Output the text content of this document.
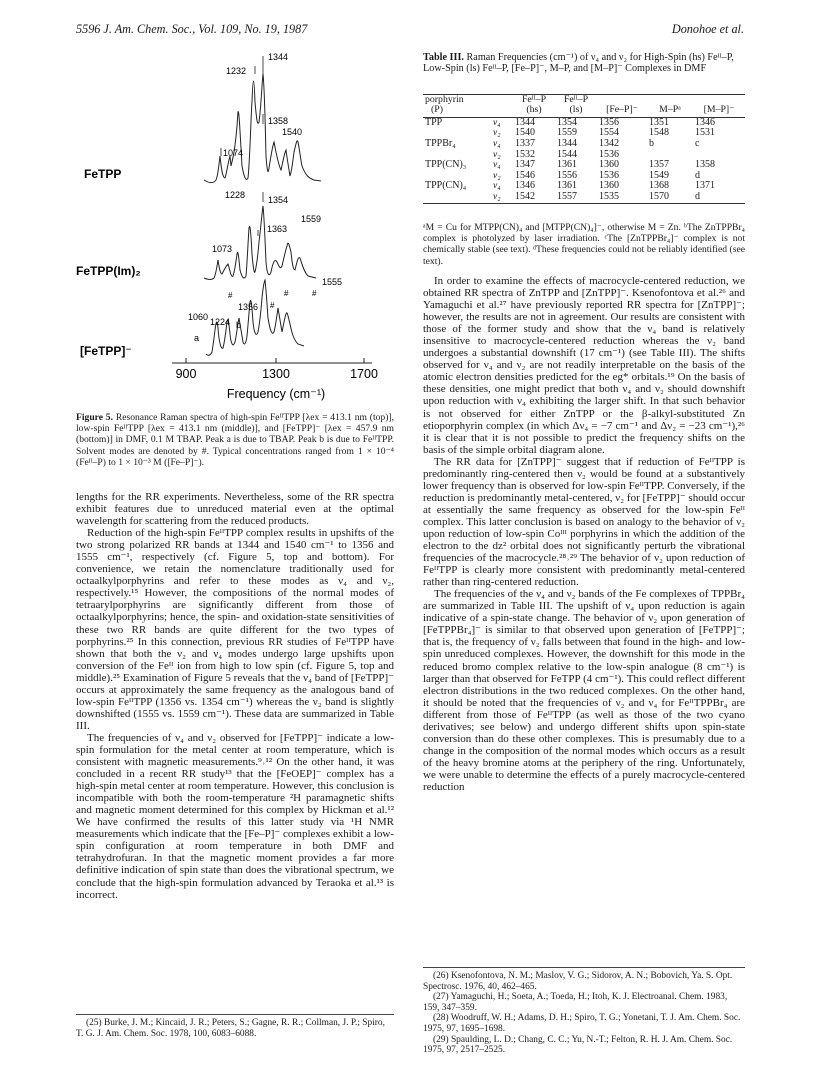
5596 J. Am. Chem. Soc., Vol. 109, No. 19, 1987	Donohoe et al.
FeTPP
FeTPP(Im)₂
[FeTPP]⁻
1232
1344
1358
1540
1074
1228	1354
1559
1363
1073
1555
#
1356
#	#
#
1060 1224 b
a
900	1300	1700
Frequency (cm⁻¹)
Figure 5. Resonance Raman spectra of high-spin FeᴵᴵTPP [λex = 413.1 nm (top)], low-spin FeᴵᴵTPP [λex = 413.1 nm (middle)], and [FeTPP]⁻ [λex = 457.9 nm (bottom)] in DMF, 0.1 M TBAP. Peak a is due to TBAP. Peak b is due to FeᴵᴵTPP. Solvent modes are denoted by #. Typical concentrations ranged from 1 × 10⁻⁴ (Feᴵᴵ–P) to 1 × 10⁻³ M ([Fe–P]⁻).

lengths for the RR experiments. Nevertheless, some of the RR spectra exhibit features due to unreduced material even at the optimal wavelength for scattering from the reduced products.

Reduction of the high-spin FeᴵᴵTPP complex results in upshifts of the two strong polarized RR bands at 1344 and 1540 cm⁻¹ to 1356 and 1555 cm⁻¹, respectively (cf. Figure 5, top and bottom). For convenience, we retain the nomenclature traditionally used for octaalkylporphyrins and refer to these modes as ν₄ and ν₂, respectively.¹⁵ However, the compositions of the normal modes of tetraarylporphyrins are significantly different from those of octaalkylporphyrins; hence, the spin- and oxidation-state sensitivities of these two RR bands are quite different for the two types of porphyrins.²⁵ In this connection, previous RR studies of FeᴵᴵTPP have shown that both the ν₂ and ν₄ modes undergo large upshifts upon conversion of the Feᴵᴵ ion from high to low spin (cf. Figure 5, top and middle).²⁵ Examination of Figure 5 reveals that the ν₄ band of [FeTPP]⁻ occurs at approximately the same frequency as the analogous band of low-spin FeᴵᴵTPP (1356 vs. 1354 cm⁻¹) whereas the ν₂ band is slightly downshifted (1555 vs. 1559 cm⁻¹). These data are summarized in Table III.

The frequencies of ν₄ and ν₂ observed for [FeTPP]⁻ indicate a low-spin formulation for the metal center at room temperature, which is consistent with magnetic measurements.⁹˒¹² On the other hand, it was concluded in a recent RR study¹³ that the [FeOEP]⁻ complex has a high-spin metal center at room temperature. However, this conclusion is incompatible with both the room-temperature ²H paramagnetic shifts and magnetic moment determined for this complex by Hickman et al.¹² We have confirmed the results of this latter study via ¹H NMR measurements which indicate that the [Fe–P]⁻ complexes exhibit a low-spin configuration at room temperature in both DMF and tetrahydrofuran. In that the magnetic moment provides a far more definitive indication of spin state than does the vibrational spectrum, we conclude that the high-spin formulation advanced by Teraoka et al.¹³ is incorrect.

(25) Burke, J. M.; Kincaid, J. R.; Peters, S.; Gagne, R. R.; Collman, J. P.; Spiro, T. G. J. Am. Chem. Soc. 1978, 100, 6083–6088.
Table III. Raman Frequencies (cm⁻¹) of ν₄ and ν₂ for High-Spin (hs) Feᴵᴵ–P, Low-Spin (ls) Feᴵᴵ–P, [Fe–P]⁻, M–P, and [M–P]⁻ Complexes in DMF
porphyrin		Feᴵᴵ–P	Feᴵᴵ–P			
(P)		(hs)	(ls)	[Fe–P]⁻	M–Pᵃ	[M–P]⁻
TPP	ν₄	1344	1354	1356	1351	1346
	ν₂	1540	1559	1554	1548	1531
TPPBr₄	ν₄	1337	1344	1342	b	c
	ν₂	1532	1544	1536		
TPP(CN)₃	ν₄	1347	1361	1360	1357	1358
	ν₂	1546	1556	1536	1549	d
TPP(CN)₄	ν₄	1346	1361	1360	1368	1371
	ν₂	1542	1557	1535	1570	d
ᵃM = Cu for MTPP(CN)₄ and [MTPP(CN)₄]⁻, otherwise M = Zn. ᵇThe ZnTPPBr₄ complex is photolyzed by laser irradiation. ᶜThe [ZnTPPBr₄]⁻ complex is not chemically stable (see text). ᵈThese frequencies could not be reliably identified (see text).

In order to examine the effects of macrocycle-centered reduction, we obtained RR spectra of ZnTPP and [ZnTPP]⁻. Ksenofontova et al.²⁶ and Yamaguchi et al.²⁷ have previously reported RR spectra for [ZnTPP]⁻; however, the results are not in agreement. Our results are consistent with those of the former study and show that the ν₄ band is relatively insensitive to macrocycle-centered reduction whereas the ν₂ band undergoes a substantial downshift (17 cm⁻¹) (see Table III). The shifts observed for ν₄ and ν₂ are not readily interpretable on the basis of the atomic electron densities predicted for the eg* orbitals.¹⁹ On the basis of these densities, one might predict that both ν₄ and ν₂ should downshift upon reduction with ν₄ exhibiting the larger shift. In that such behavior is not observed for either ZnTPP or the β-alkyl-substituted Zn etioporphyrin complex (in which Δν₄ = −7 cm⁻¹ and Δν₂ = −23 cm⁻¹),²⁶ it is clear that it is not possible to predict the frequency shifts on the basis of the simple orbital diagram alone.

The RR data for [ZnTPP]⁻ suggest that if reduction of FeᴵᴵTPP is predominantly ring-centered then ν₂ would be found at a substantively lower frequency than is observed for low-spin FeᴵᴵTPP. Conversely, if the reduction is predominantly metal-centered, ν₂ for [FeTPP]⁻ should occur at essentially the same frequency as observed for the low-spin Feᴵᴵ complex. This latter conclusion is based on analogy to the behavior of ν₂ upon reduction of low-spin Coᴵᴵᴵ porphyrins in which the addition of the electron to the dz² orbital does not significantly perturb the vibrational frequencies of the macrocycle.²⁸˒²⁹ The behavior of ν₂ upon reduction of FeᴵᴵTPP is clearly more consistent with predominantly metal-centered rather than ring-centered reduction.

The frequencies of the ν₄ and ν₂ bands of the Fe complexes of TPPBr₄ are summarized in Table III. The upshift of ν₄ upon reduction is again indicative of a spin-state change. The behavior of ν₂ upon generation of [FeTPPBr₄]⁻ is similar to that observed upon generation of [FeTPP]⁻; that is, the frequency of ν₂ falls between that found in the high- and low-spin unreduced complexes. However, the downshift for this mode in the reduced bromo complex relative to the low-spin analogue (8 cm⁻¹) is larger than that observed for FeTPP (4 cm⁻¹). This could reflect different electron distributions in the two reduced complexes. On the other hand, it should be noted that the frequencies of ν₂ and ν₄ for FeᴵᴵTPPBr₄ are different from those of FeᴵᴵTPP (as well as those of the two cyano derivatives; see below) and undergo different shifts upon spin-state conversion than do these other complexes. This is presumably due to a change in the composition of the normal modes which occurs as a result of the heavy bromine atoms at the periphery of the ring. Unfortunately, we were unable to determine the effects of a purely macrocycle-centered reduction

(26) Ksenofontova, N. M.; Maslov, V. G.; Sidorov, A. N.; Bobovich, Ya. S. Opt. Spectrosc. 1976, 40, 462–465.
(27) Yamaguchi, H.; Soeta, A.; Toeda, H.; Itoh, K. J. Electroanal. Chem. 1983, 159, 347–359.
(28) Woodruff, W. H.; Adams, D. H.; Spiro, T. G.; Yonetani, T. J. Am. Chem. Soc. 1975, 97, 1695–1698.
(29) Spaulding, L. D.; Chang, C. C.; Yu, N.-T.; Felton, R. H. J. Am. Chem. Soc. 1975, 97, 2517–2525.
